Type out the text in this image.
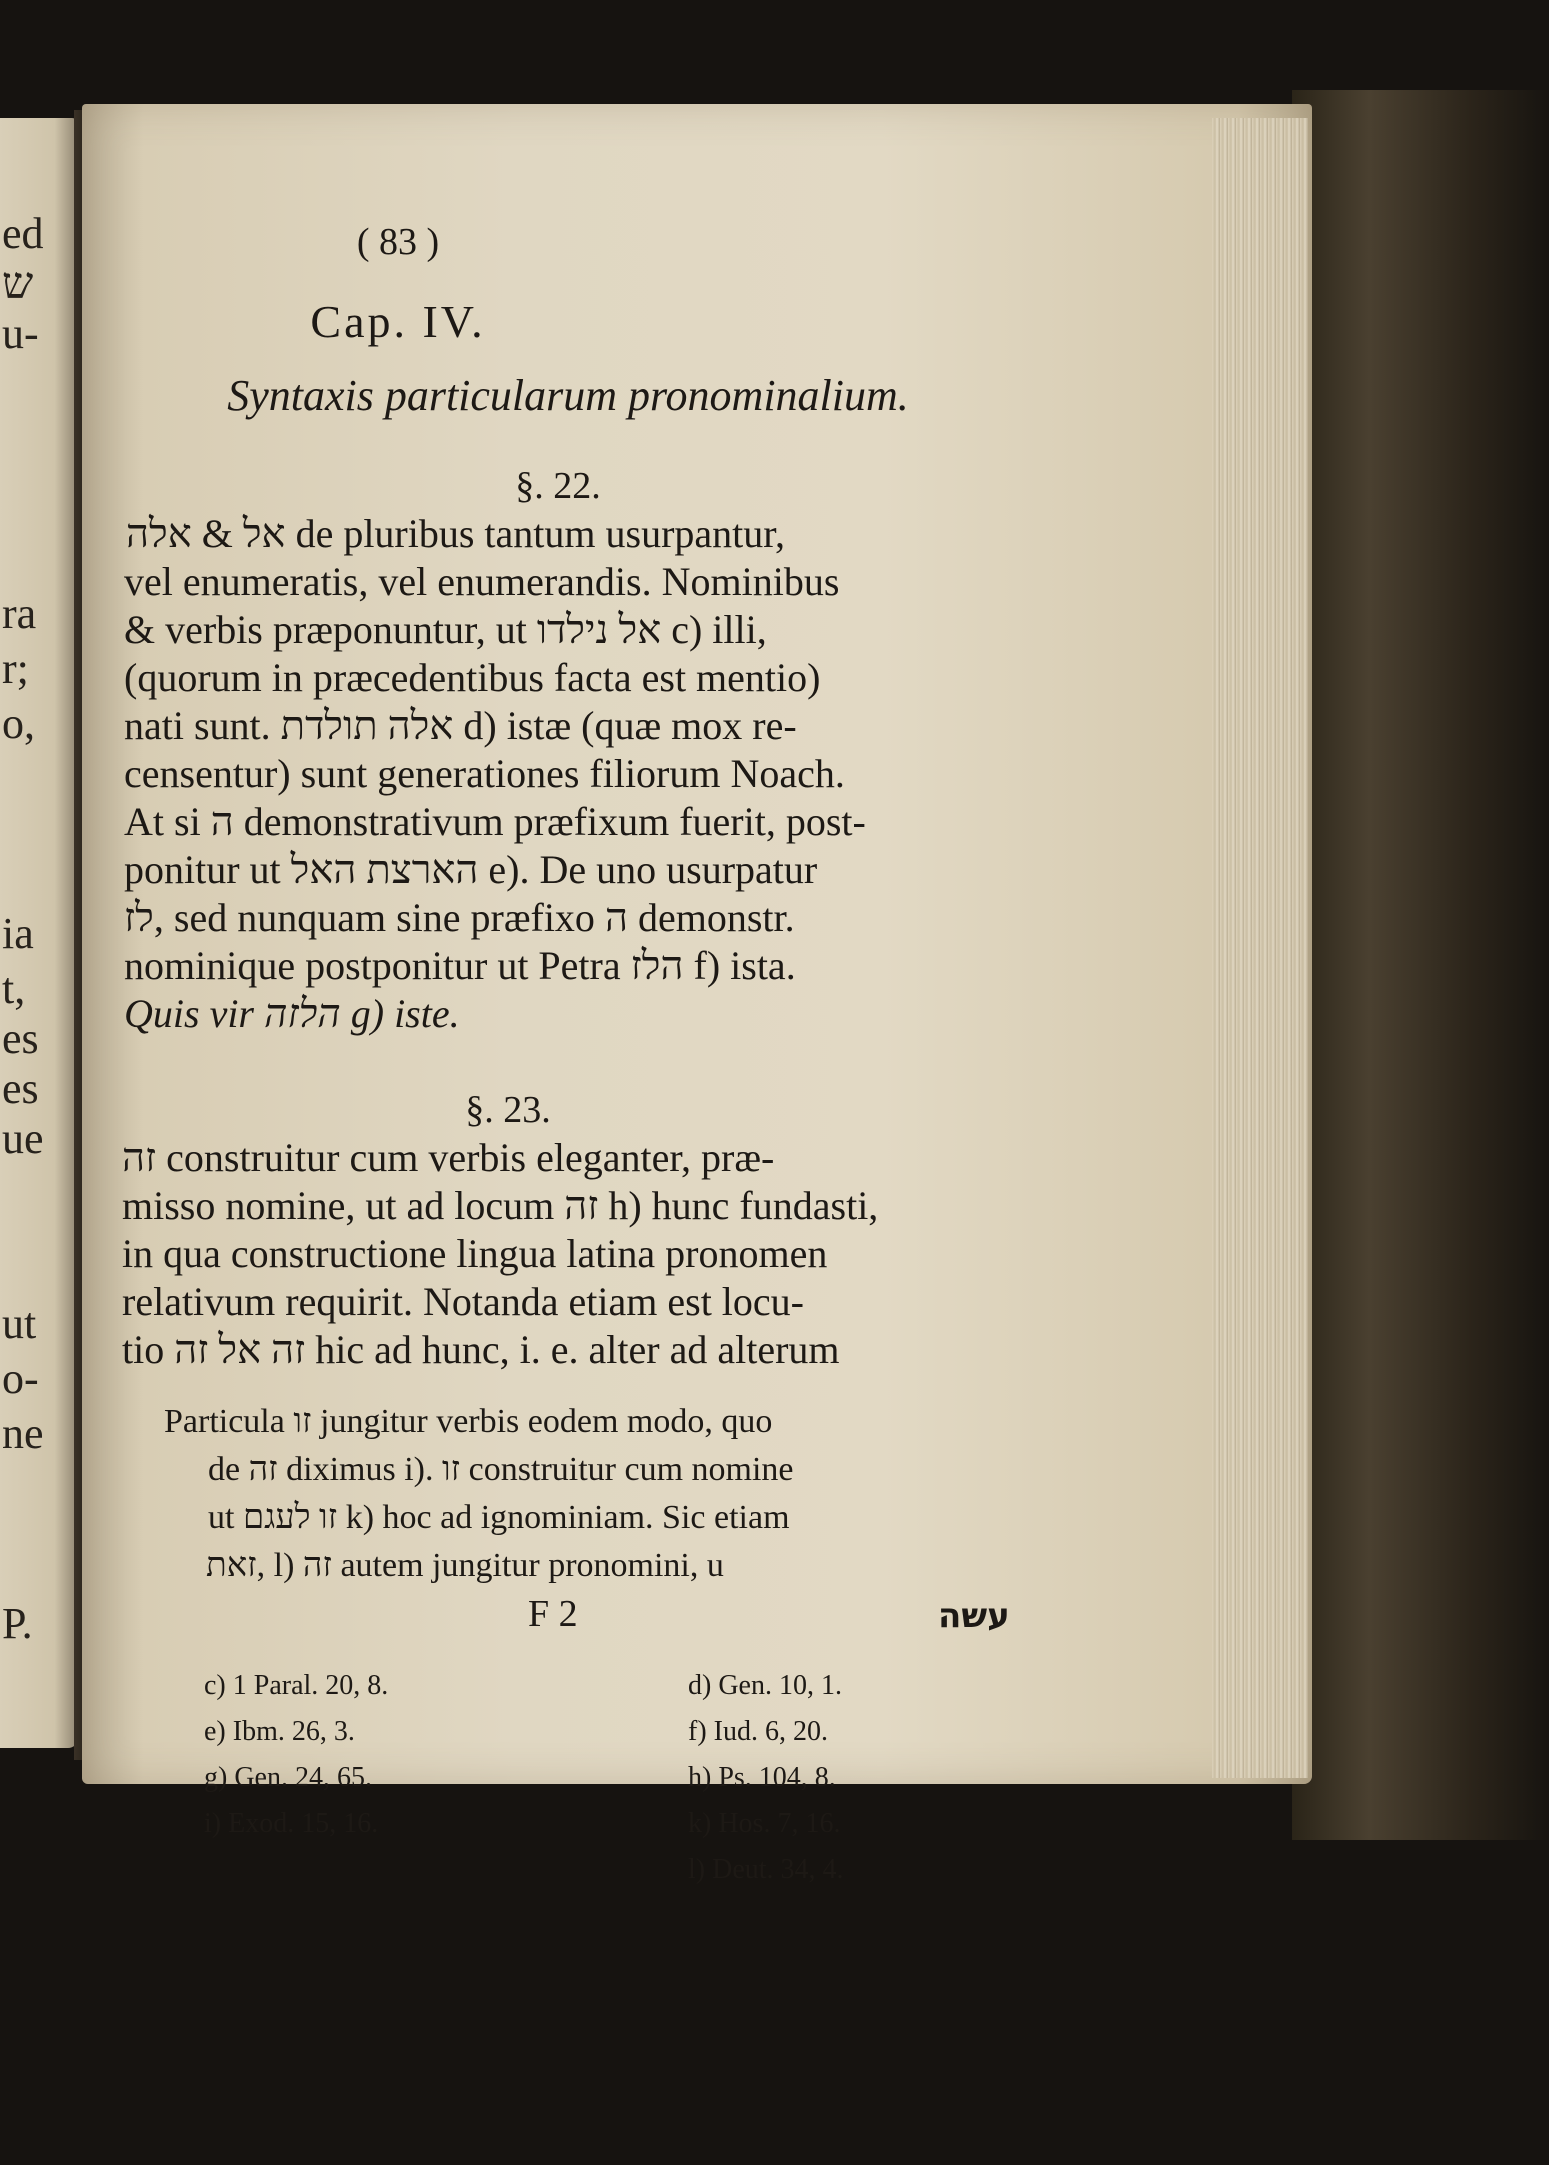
ed
ש
u-
ra
r;
o,
ia
t,
es
es
ue
ut
o-
ne
P.
( 83 )
Cap. IV.
Syntaxis particularum pronominalium.
§. 22.
אל & אלה de pluribus tantum usurpantur,
vel enumeratis, vel enumerandis. Nominibus
& verbis præponuntur, ut אל נילדו c) illi,
(quorum in præcedentibus facta est mentio)
nati sunt. אלה תולדת d) istæ (quæ mox re-
censentur) sunt generationes filiorum Noach.
At si ה demonstrativum præfixum fuerit, post-
ponitur ut הארצת האל e). De uno usurpatur
לז, sed nunquam sine præfixo ה demonstr.
nominique postponitur ut Petra הלז f) ista.
Quis vir הלזה g) iste.
§. 23.
זה construitur cum verbis eleganter, præ-
misso nomine, ut ad locum זה h) hunc fundasti,
in qua constructione lingua latina pronomen
relativum requirit. Notanda etiam est locu-
tio זה אל זה hic ad hunc, i. e. alter ad alterum
Particula זו jungitur verbis eodem modo, quo
de זה diximus i). זו construitur cum nomine
ut זו לעגם k) hoc ad ignominiam. Sic etiam
זאת, l) זה autem jungitur pronomini, u
F 2	עשה
c) 1 Paral. 20, 8.	d) Gen. 10, 1.
e) Ibm. 26, 3.	f) Iud. 6, 20.
g) Gen. 24, 65.	h) Ps. 104, 8.
i) Exod. 15, 16.	k) Hos. 7, 16.
l) Deut. 34, 4.
